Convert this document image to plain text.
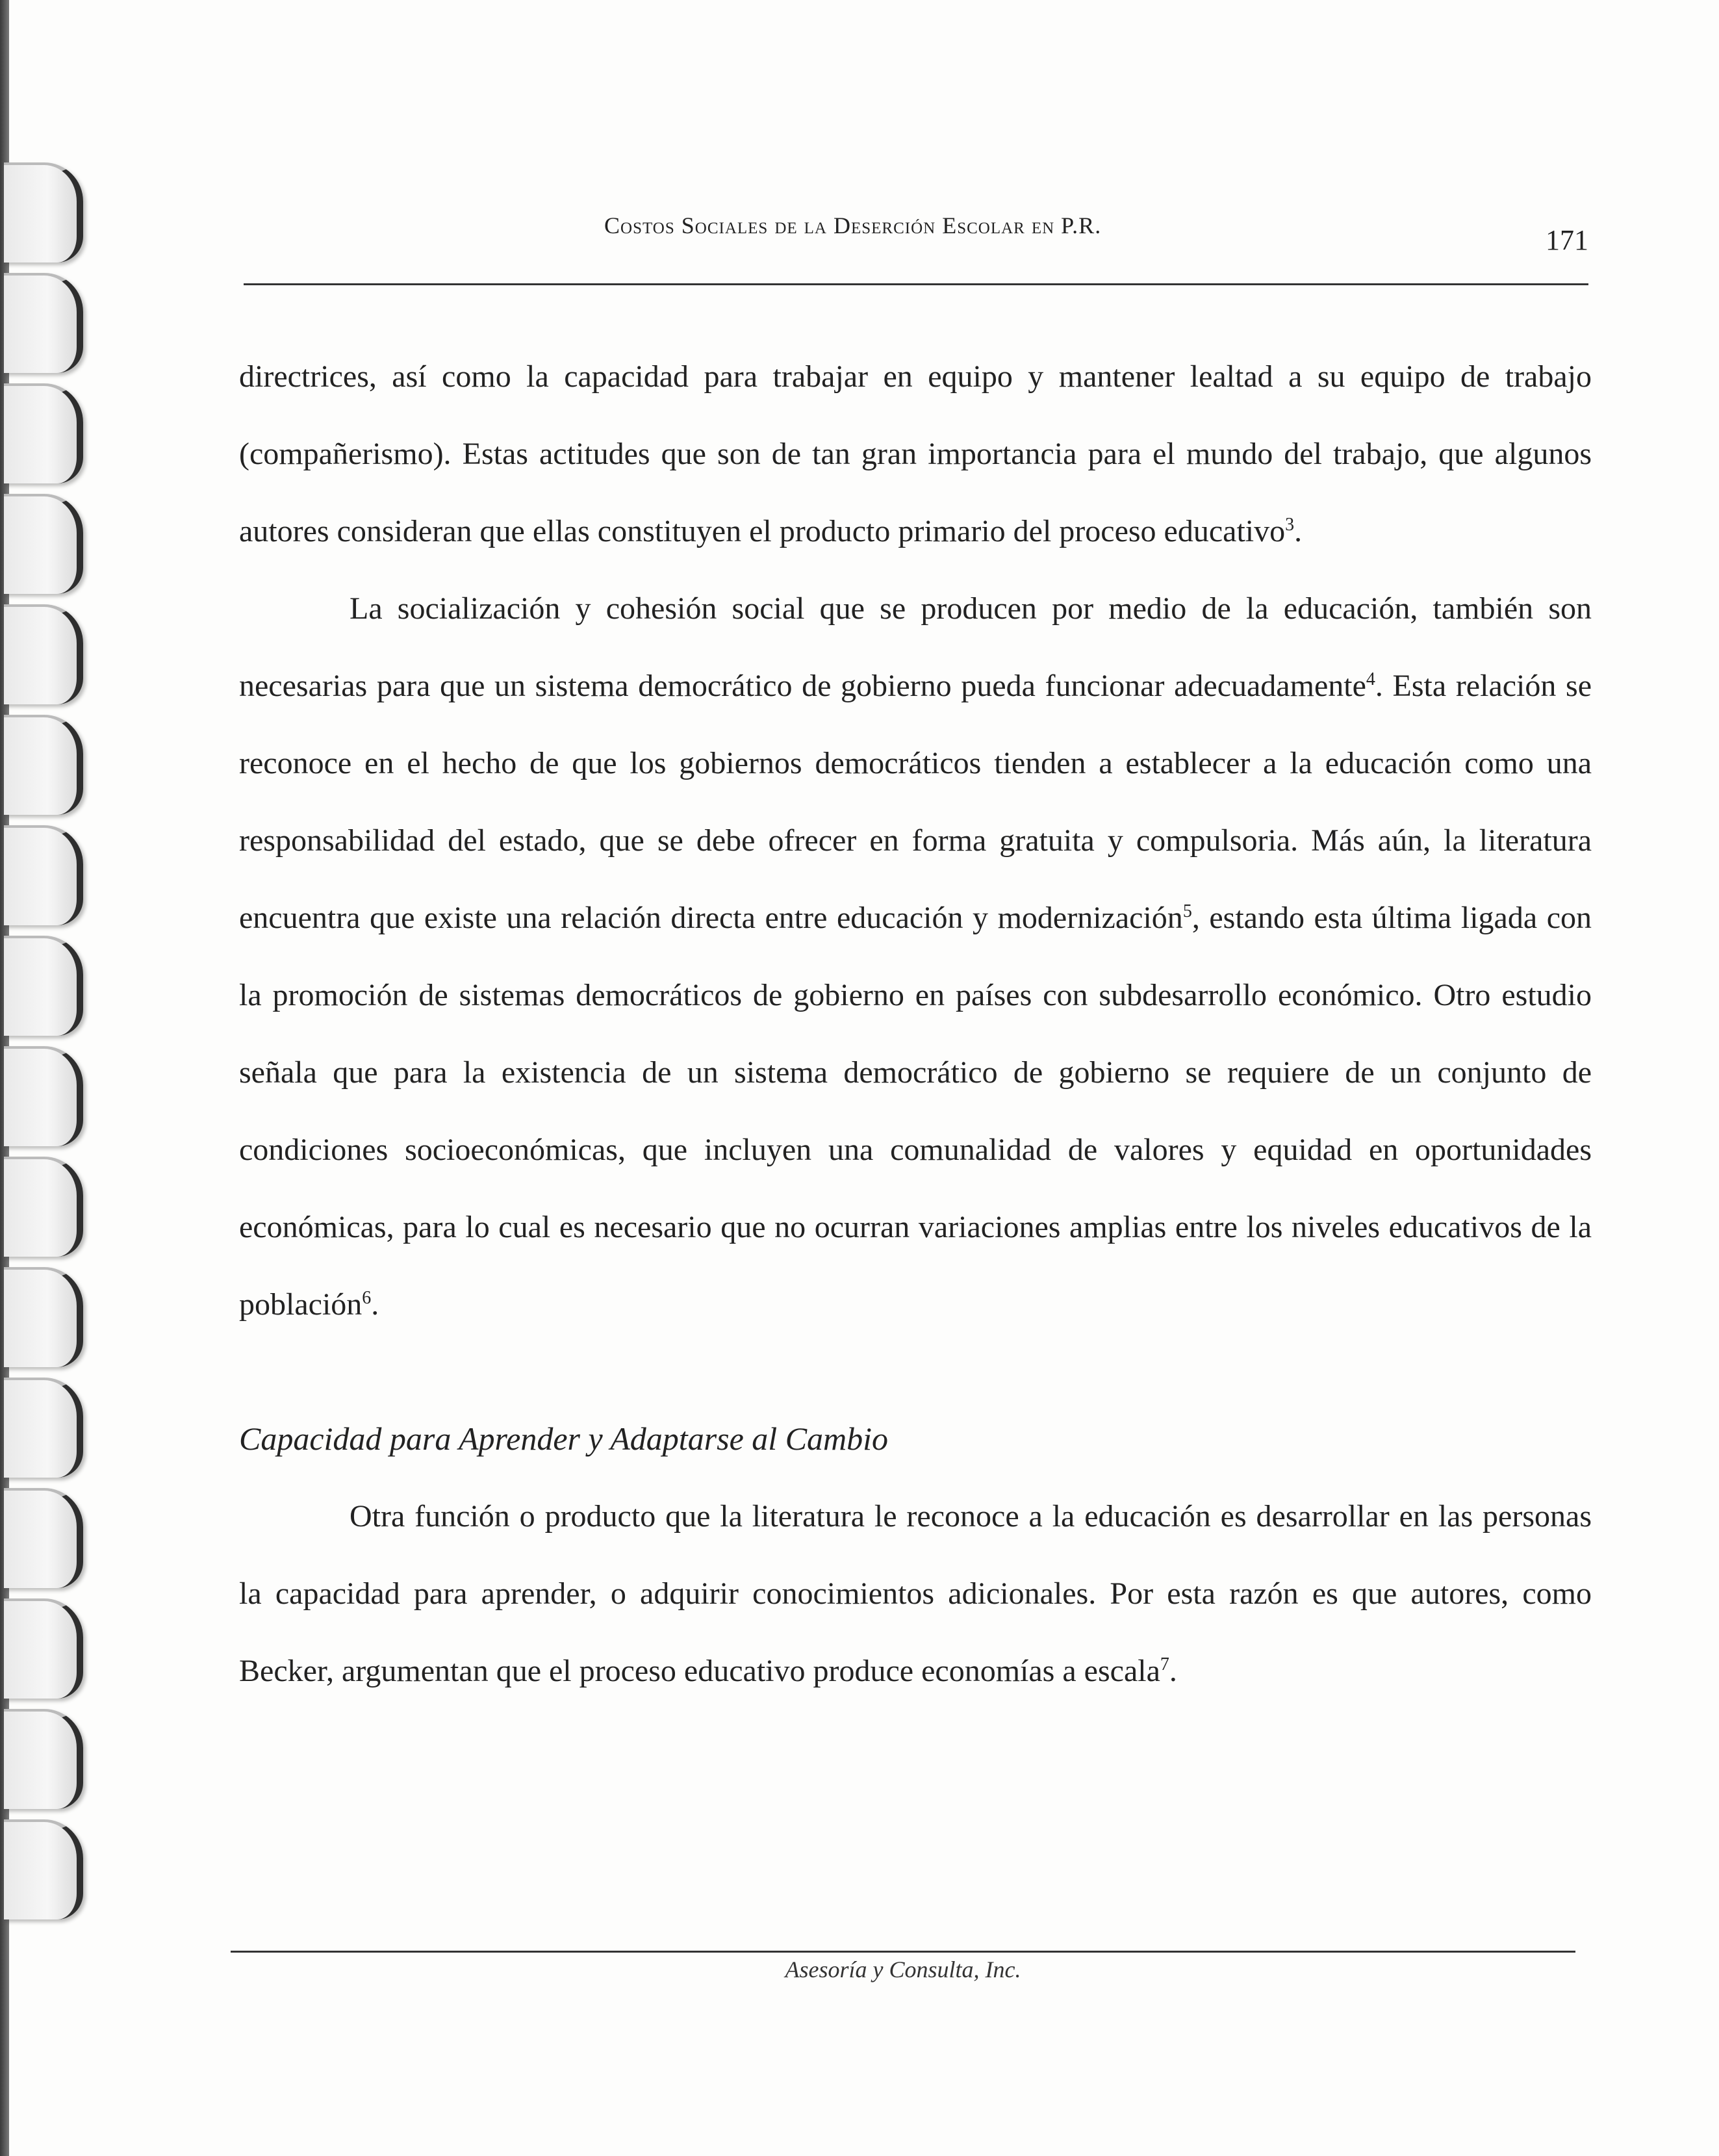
Costos Sociales de la Deserción Escolar en P.R.	171

directrices, así como la capacidad para trabajar en equipo y mantener lealtad a su equipo de trabajo (compañerismo). Estas actitudes que son de tan gran importancia para el mundo del trabajo, que algunos autores consideran que ellas constituyen el producto primario del proceso educativo$^3$.

La socialización y cohesión social que se producen por medio de la educación, también son necesarias para que un sistema democrático de gobierno pueda funcionar adecuadamente$^4$. Esta relación se reconoce en el hecho de que los gobiernos democráticos tienden a establecer a la educación como una responsabilidad del estado, que se debe ofrecer en forma gratuita y compulsoria. Más aún, la literatura encuentra que existe una relación directa entre educación y modernización$^5$, estando esta última ligada con la promoción de sistemas democráticos de gobierno en países con subdesarrollo económico. Otro estudio señala que para la existencia de un sistema democrático de gobierno se requiere de un conjunto de condiciones socioeconómicas, que incluyen una comunalidad de valores y equidad en oportunidades económicas, para lo cual es necesario que no ocurran variaciones amplias entre los niveles educativos de la población$^6$.

Capacidad para Aprender y Adaptarse al Cambio

Otra función o producto que la literatura le reconoce a la educación es desarrollar en las personas la capacidad para aprender, o adquirir conocimientos adicionales. Por esta razón es que autores, como Becker, argumentan que el proceso educativo produce economías a escala$^7$.

Asesoría y Consulta, Inc.
